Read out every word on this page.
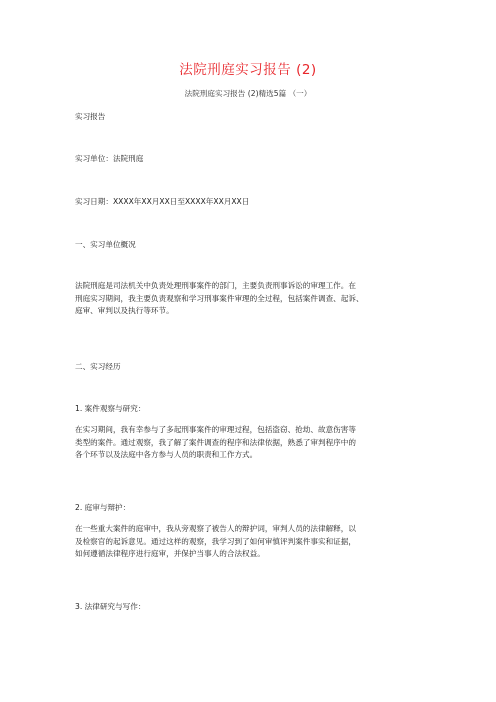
法院刑庭实习报告 (2)
法院刑庭实习报告 (2)精选5篇 （一）
实习报告
实习单位：法院刑庭
实习日期：XXXX年XX月XX日至XXXX年XX月XX日
一、实习单位概况
法院刑庭是司法机关中负责处理刑事案件的部门，主要负责刑事诉讼的审理工作。在
刑庭实习期间，我主要负责观察和学习刑事案件审理的全过程，包括案件调查、起诉、
庭审、审判以及执行等环节。
二、实习经历
1. 案件观察与研究：
在实习期间，我有幸参与了多起刑事案件的审理过程，包括盗窃、抢劫、故意伤害等
类型的案件。通过观察，我了解了案件调查的程序和法律依据，熟悉了审判程序中的
各个环节以及法庭中各方参与人员的职责和工作方式。
2. 庭审与辩护：
在一些重大案件的庭审中，我从旁观察了被告人的辩护词，审判人员的法律解释，以
及检察官的起诉意见。通过这样的观察，我学习到了如何审慎评判案件事实和证据，
如何遵循法律程序进行庭审，并保护当事人的合法权益。
3. 法律研究与写作：
